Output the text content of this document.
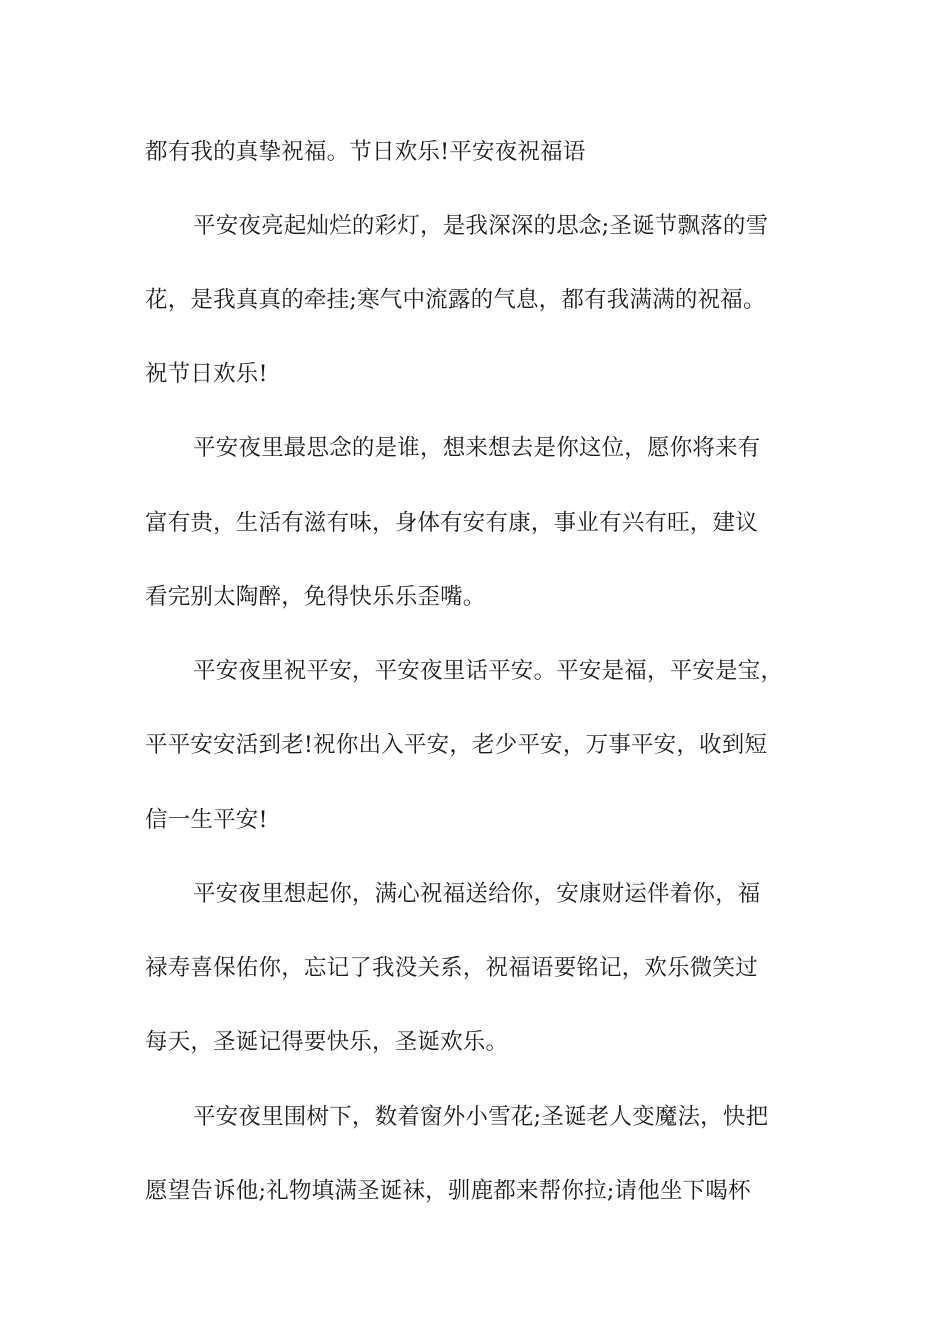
都有我的真挚祝福。节日欢乐!平安夜祝福语

平安夜亮起灿烂的彩灯，是我深深的思念;圣诞节飘落的雪

花，是我真真的牵挂;寒气中流露的气息，都有我满满的祝福。

祝节日欢乐!

平安夜里最思念的是谁，想来想去是你这位，愿你将来有

富有贵，生活有滋有味，身体有安有康，事业有兴有旺，建议

看完别太陶醉，免得快乐乐歪嘴。

平安夜里祝平安，平安夜里话平安。平安是福，平安是宝，

平平安安活到老!祝你出入平安，老少平安，万事平安，收到短

信一生平安!

平安夜里想起你，满心祝福送给你，安康财运伴着你，福

禄寿喜保佑你，忘记了我没关系，祝福语要铭记，欢乐微笑过

每天，圣诞记得要快乐，圣诞欢乐。

平安夜里围树下，数着窗外小雪花;圣诞老人变魔法，快把

愿望告诉他;礼物填满圣诞袜，驯鹿都来帮你拉;请他坐下喝杯
